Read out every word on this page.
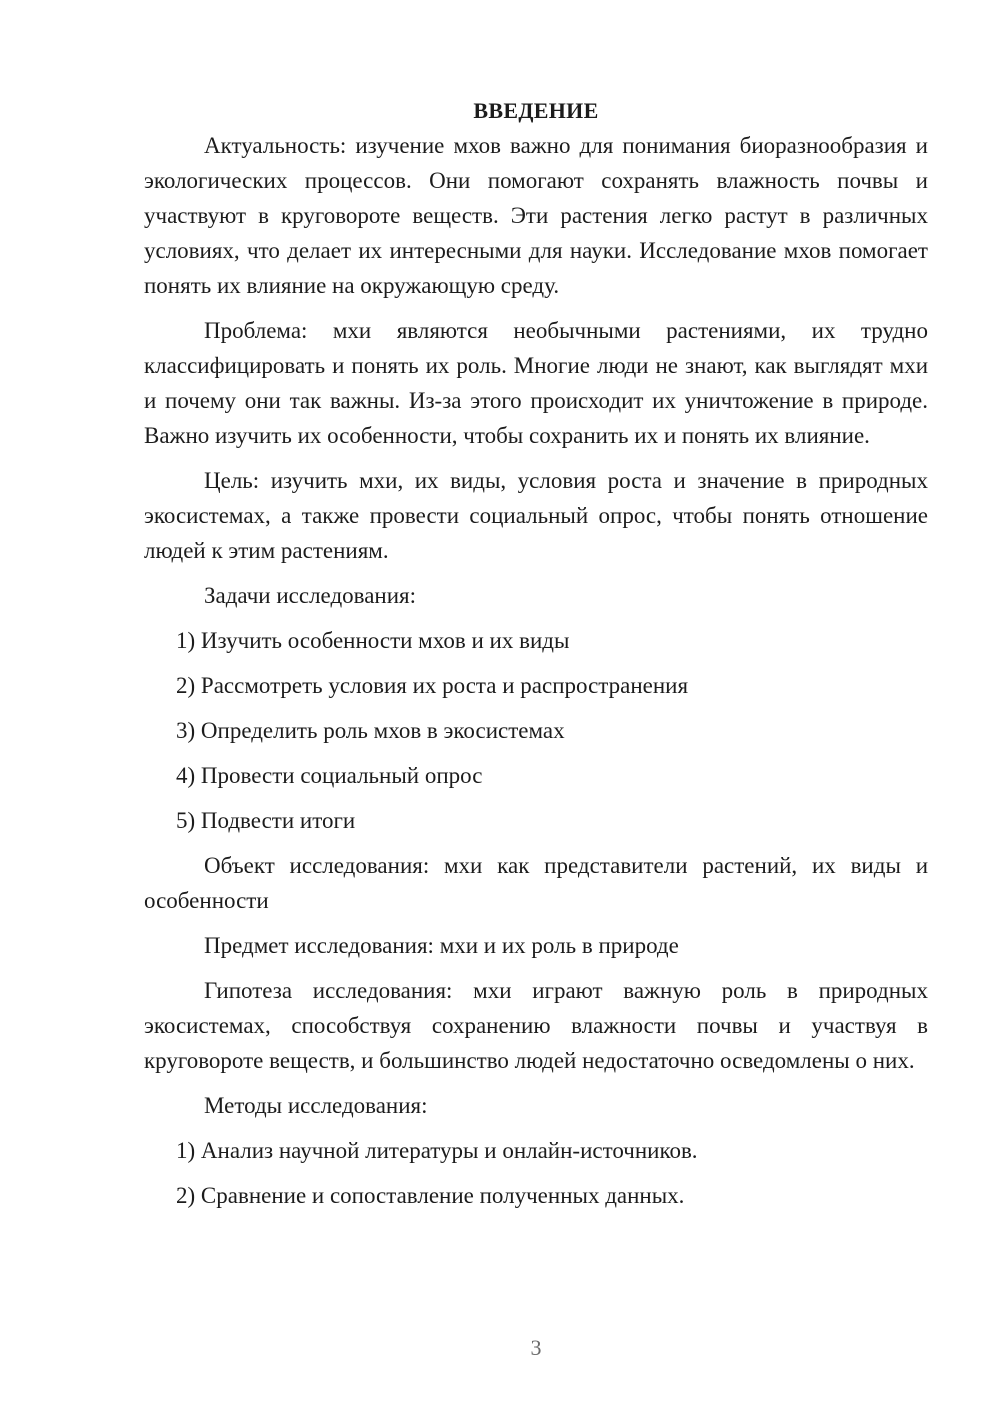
ВВЕДЕНИЕ

Актуальность: изучение мхов важно для понимания биоразнообразия и экологических процессов. Они помогают сохранять влажность почвы и участвуют в круговороте веществ. Эти растения легко растут в различных условиях, что делает их интересными для науки. Исследование мхов помогает понять их влияние на окружающую среду.

Проблема: мхи являются необычными растениями, их трудно классифицировать и понять их роль. Многие люди не знают, как выглядят мхи и почему они так важны. Из-за этого происходит их уничтожение в природе. Важно изучить их особенности, чтобы сохранить их и понять их влияние.

Цель: изучить мхи, их виды, условия роста и значение в природных экосистемах, а также провести социальный опрос, чтобы понять отношение людей к этим растениям.

Задачи исследования:

1) Изучить особенности мхов и их виды
2) Рассмотреть условия их роста и распространения
3) Определить роль мхов в экосистемах
4) Провести социальный опрос
5) Подвести итоги

Объект исследования: мхи как представители растений, их виды и особенности

Предмет исследования: мхи и их роль в природе

Гипотеза исследования: мхи играют важную роль в природных экосистемах, способствуя сохранению влажности почвы и участвуя в круговороте веществ, и большинство людей недостаточно осведомлены о них.

Методы исследования:

1) Анализ научной литературы и онлайн-источников.
2) Сравнение и сопоставление полученных данных.
3
